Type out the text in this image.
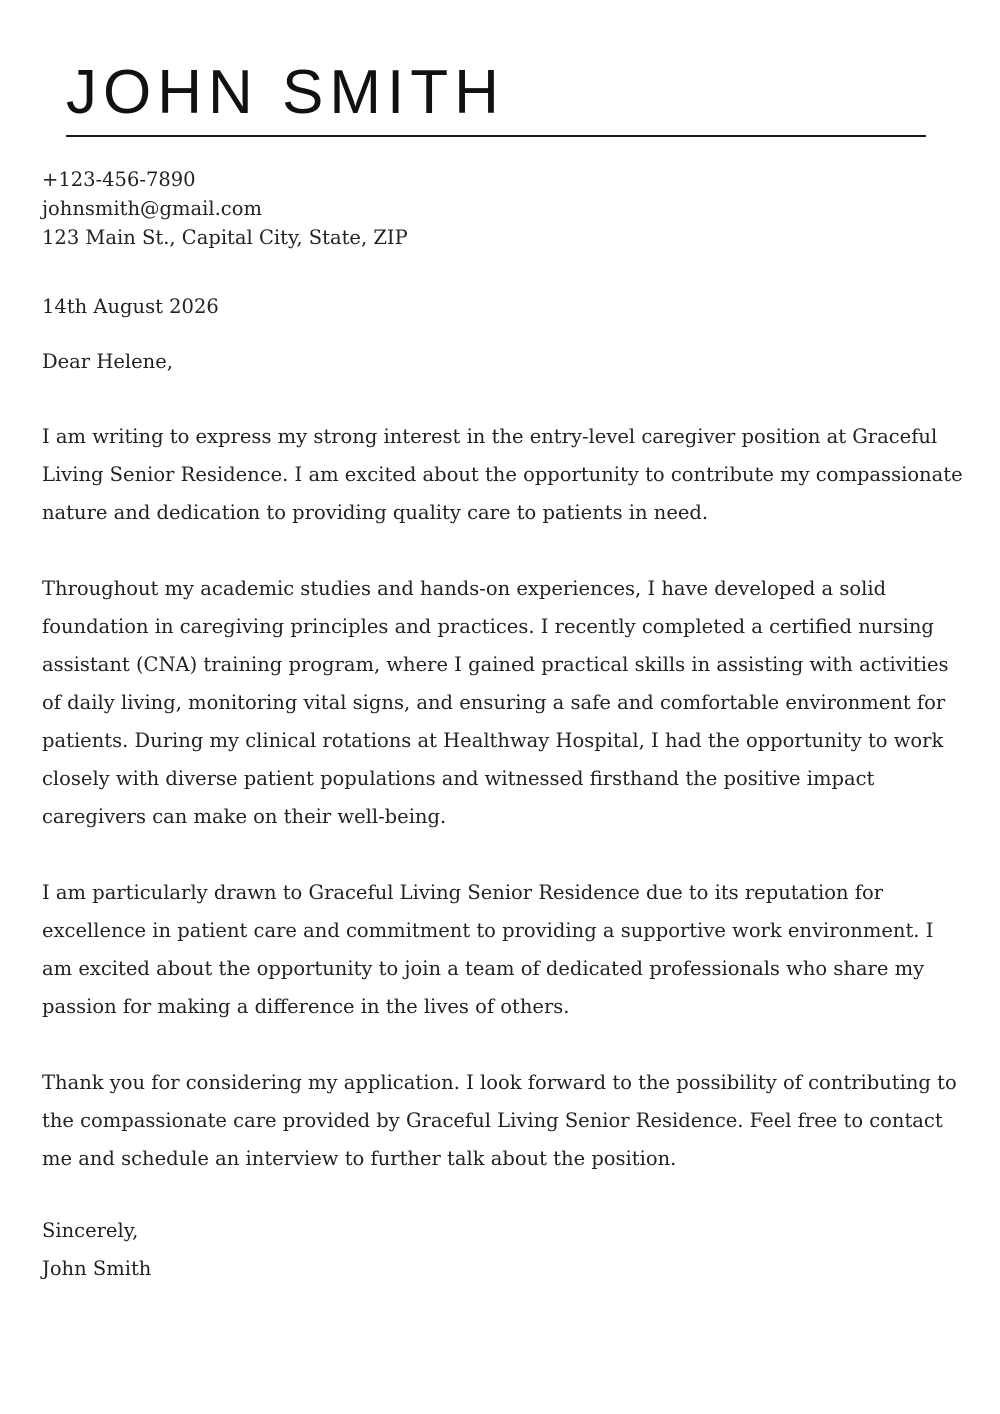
JOHN SMITH
+123-456-7890
johnsmith@gmail.com
123 Main St., Capital City, State, ZIP
14th August 2026
Dear Helene,

I am writing to express my strong interest in the entry-level caregiver position at Graceful Living Senior Residence. I am excited about the opportunity to contribute my compassionate nature and dedication to providing quality care to patients in need.

Throughout my academic studies and hands-on experiences, I have developed a solid foundation in caregiving principles and practices. I recently completed a certified nursing assistant (CNA) training program, where I gained practical skills in assisting with activities of daily living, monitoring vital signs, and ensuring a safe and comfortable environment for patients. During my clinical rotations at Healthway Hospital, I had the opportunity to work closely with diverse patient populations and witnessed firsthand the positive impact caregivers can make on their well-being.

I am particularly drawn to Graceful Living Senior Residence due to its reputation for excellence in patient care and commitment to providing a supportive work environment. I am excited about the opportunity to join a team of dedicated professionals who share my passion for making a difference in the lives of others.

Thank you for considering my application. I look forward to the possibility of contributing to the compassionate care provided by Graceful Living Senior Residence. Feel free to contact me and schedule an interview to further talk about the position.

Sincerely,
John Smith
